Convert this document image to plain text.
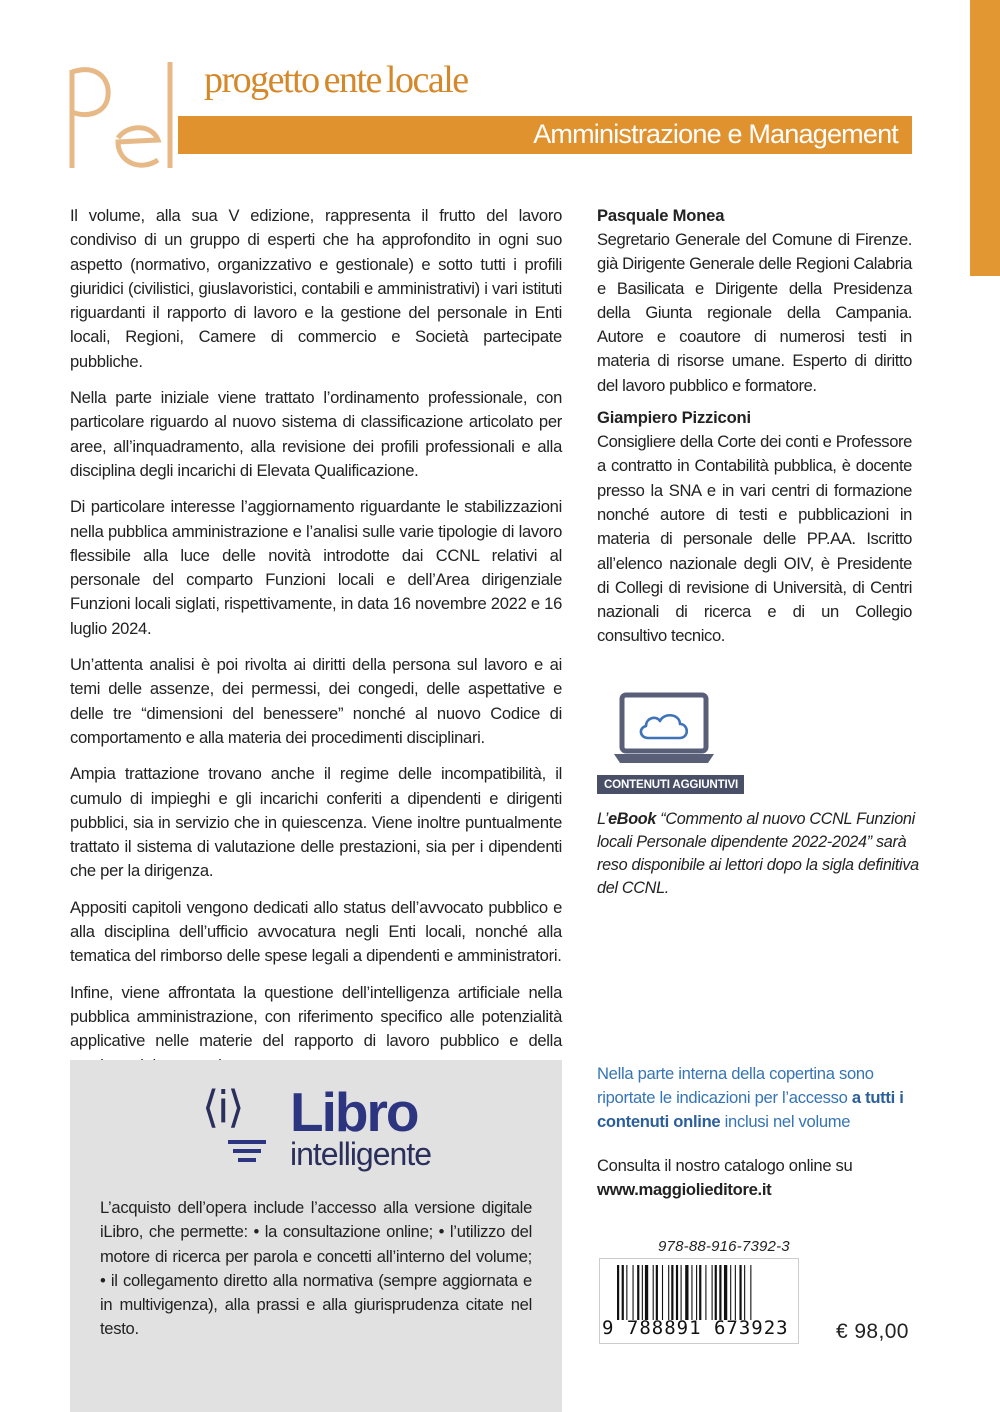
progetto ente locale
Amministrazione e Management

Il volume, alla sua V edizione, rappresenta il frutto del lavoro condiviso di un gruppo di esperti che ha approfondito in ogni suo aspetto (normativo, organizzativo e gestionale) e sotto tutti i profili giuridici (civilistici, giuslavoristici, contabili e amministrativi) i vari istituti riguardanti il rapporto di lavoro e la gestione del personale in Enti locali, Regioni, Camere di commercio e Società partecipate pubbliche.

Nella parte iniziale viene trattato l’ordinamento professionale, con particolare riguardo al nuovo sistema di classificazione articolato per aree, all’inquadramento, alla revisione dei profili professionali e alla disciplina degli incarichi di Elevata Qualificazione.

Di particolare interesse l’aggiornamento riguardante le stabilizzazioni nella pubblica amministrazione e l’analisi sulle varie tipologie di lavoro flessibile alla luce delle novità introdotte dai CCNL relativi al personale del comparto Funzioni locali e dell’Area dirigenziale Funzioni locali siglati, rispettivamente, in data 16 novembre 2022 e 16 luglio 2024.

Un’attenta analisi è poi rivolta ai diritti della persona sul lavoro e ai temi delle assenze, dei permessi, dei congedi, delle aspettative e delle tre “dimensioni del benessere” nonché al nuovo Codice di comportamento e alla materia dei procedimenti disciplinari.

Ampia trattazione trovano anche il regime delle incompatibilità, il cumulo di impieghi e gli incarichi conferiti a dipendenti e dirigenti pubblici, sia in servizio che in quiescenza. Viene inoltre puntualmente trattato il sistema di valutazione delle prestazioni, sia per i dipendenti che per la dirigenza.

Appositi capitoli vengono dedicati allo status dell’avvocato pubblico e alla disciplina dell’ufficio avvocatura negli Enti locali, nonché alla tematica del rimborso delle spese legali a dipendenti e amministratori.

Infine, viene affrontata la questione dell’intelligenza artificiale nella pubblica amministrazione, con riferimento specifico alle potenzialità applicative nelle materie del rapporto di lavoro pubblico e della

Pasquale Monea

Segretario Generale del Comune di Firenze. già Dirigente Generale delle Regioni Calabria e Basilicata e Dirigente della Presidenza della Giunta regionale della Campania. Autore e coautore di numerosi testi in materia di risorse umane. Esperto di diritto del lavoro pubblico e formatore.

Giampiero Pizziconi

Consigliere della Corte dei conti e Professore a contratto in Contabilità pubblica, è docente presso la SNA e in vari centri di formazione nonché autore di testi e pubblicazioni in materia di personale delle PP.AA. Iscritto all’elenco nazionale degli OIV, è Presidente di Collegi di revisione di Università, di Centri nazionali di ricerca e di un Collegio consultivo tecnico.

CONTENUTI AGGIUNTIVI
L’eBook “Commento al nuovo CCNL Funzioni locali Personale dipendente 2022-2024” sarà reso disponibile ai lettori dopo la sigla definitiva del CCNL.
⟨i⟩ Libro
intelligente
L’acquisto dell’opera include l’accesso alla versione digitale iLibro, che permette: • la consultazione online; • l’utilizzo del motore di ricerca per parola e concetti all’interno del volume; • il collegamento diretto alla normativa (sempre aggiornata e in multivigenza), alla prassi e alla giurisprudenza citate nel testo.
Nella parte interna della copertina sono riportate le indicazioni per l’accesso a tutti i contenuti online inclusi nel volume
Consulta il nostro catalogo online su
www.maggiolieditore.it
978-88-916-7392-3
9 788891 673923 € 98,00
